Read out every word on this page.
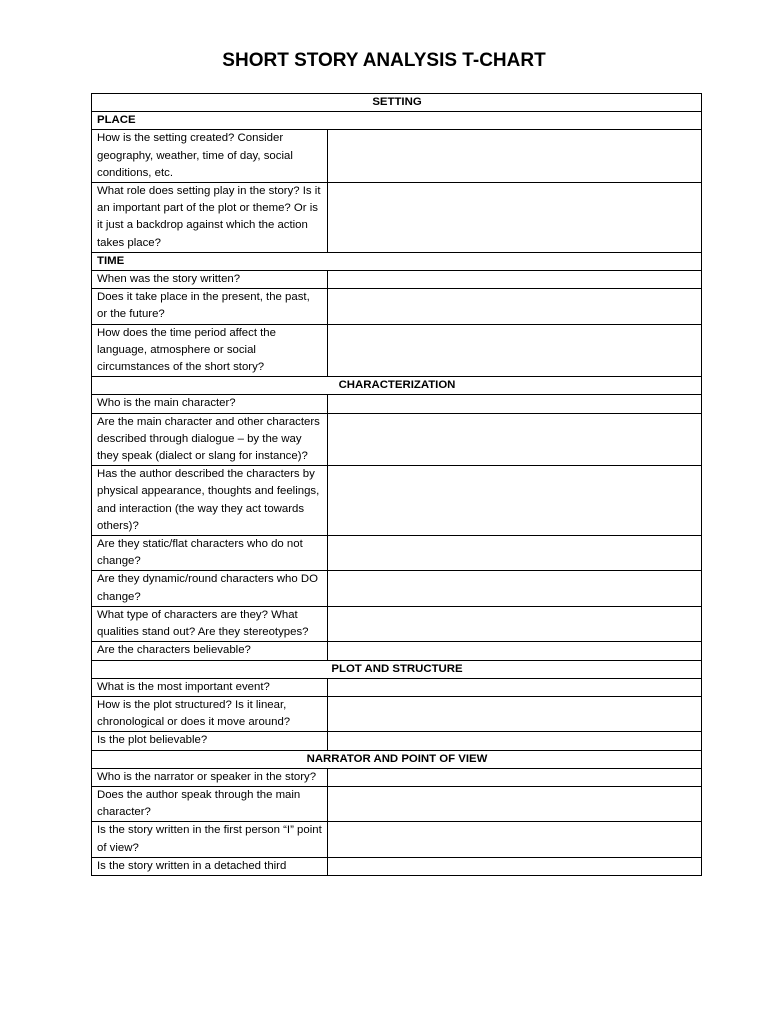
SHORT STORY ANALYSIS T-CHART
SETTING	
PLACE	
How is the setting created? Consider geography, weather, time of day, social conditions, etc.	
What role does setting play in the story? Is it an important part of the plot or theme? Or is it just a backdrop against which the action takes place?	
TIME	
When was the story written?	
Does it take place in the present, the past, or the future?	
How does the time period affect the language, atmosphere or social circumstances of the short story?	
CHARACTERIZATION	
Who is the main character?	
Are the main character and other characters described through dialogue – by the way they speak (dialect or slang for instance)?	
Has the author described the characters by physical appearance, thoughts and feelings, and interaction (the way they act towards others)?	
Are they static/flat characters who do not change?	
Are they dynamic/round characters who DO change?	
What type of characters are they? What qualities stand out? Are they stereotypes?	
Are the characters believable?	
PLOT AND STRUCTURE	
What is the most important event?	
How is the plot structured? Is it linear, chronological or does it move around?	
Is the plot believable?	
NARRATOR AND POINT OF VIEW	
Who is the narrator or speaker in the story?	
Does the author speak through the main character?	
Is the story written in the first person “I” point of view?	
Is the story written in a detached third	
